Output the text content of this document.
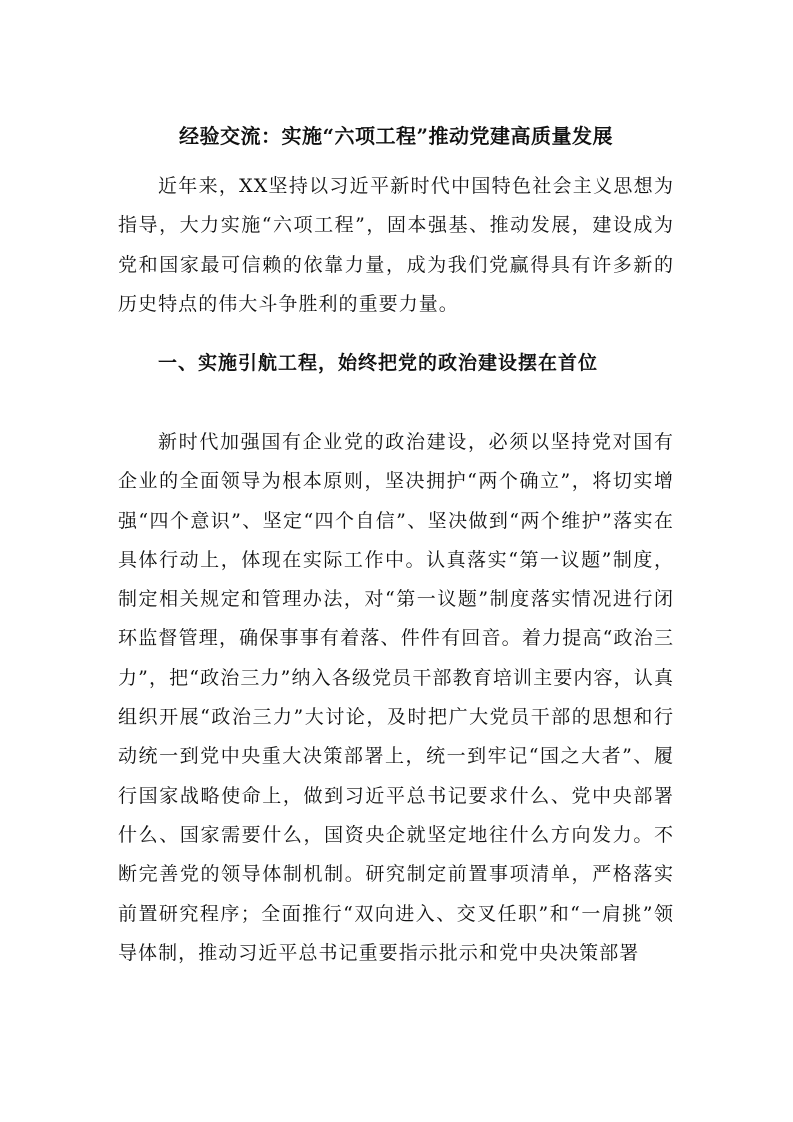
经验交流：实施“六项工程”推动党建高质量发展

近年来，XX坚持以习近平新时代中国特色社会主义思想为指导，大力实施“六项工程”，固本强基、推动发展，建设成为党和国家最可信赖的依靠力量，成为我们党赢得具有许多新的历史特点的伟大斗争胜利的重要力量。

一、实施引航工程，始终把党的政治建设摆在首位

新时代加强国有企业党的政治建设，必须以坚持党对国有企业的全面领导为根本原则，坚决拥护“两个确立”，将切实增强“四个意识”、坚定“四个自信”、坚决做到“两个维护”落实在具体行动上，体现在实际工作中。认真落实“第一议题”制度，制定相关规定和管理办法，对“第一议题”制度落实情况进行闭环监督管理，确保事事有着落、件件有回音。着力提高“政治三力”，把“政治三力”纳入各级党员干部教育培训主要内容，认真组织开展“政治三力”大讨论，及时把广大党员干部的思想和行动统一到党中央重大决策部署上，统一到牢记“国之大者”、履行国家战略使命上，做到习近平总书记要求什么、党中央部署什么、国家需要什么，国资央企就坚定地往什么方向发力。不断完善党的领导体制机制。研究制定前置事项清单，严格落实前置研究程序；全面推行“双向进入、交叉任职”和“一肩挑”领导体制，推动习近平总书记重要指示批示和党中央决策部署
